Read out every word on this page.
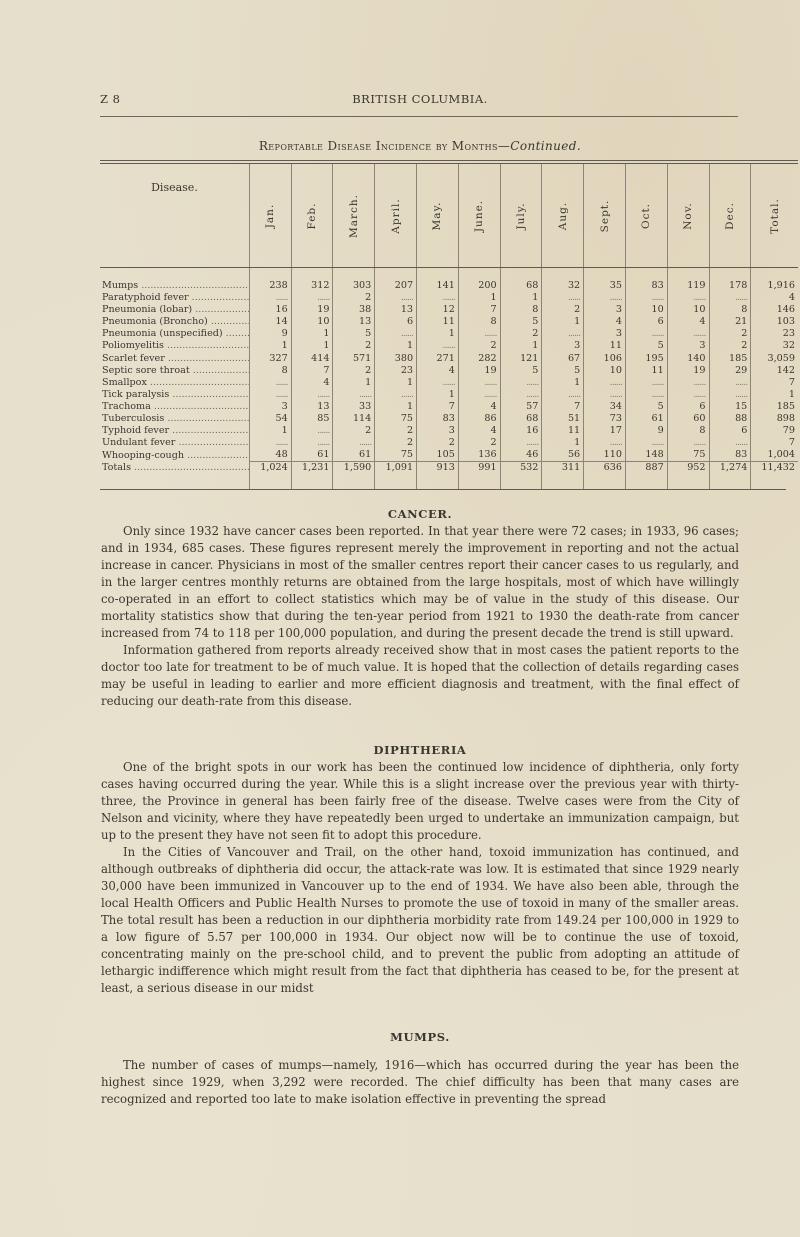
Z 8	BRITISH COLUMBIA.
Reportable Disease Incidence by Months—Continued.
Disease.	Jan.	Feb.	March.	April.	May.	June.	July.	Aug.	Sept.	Oct.	Nov.	Dec.	Total.

Mumps .....	238	312	303	207	141	200	68	32	35	83	119	178	1,916
Paratyphoid fever .....	......	......	2	......	......	1	1	......	......	......	......	......	4
Pneumonia (lobar) .....	16	19	38	13	12	7	8	2	3	10	10	8	146
Pneumonia (Broncho) .....	14	10	13	6	11	8	5	1	4	6	4	21	103
Pneumonia (unspecified) .....	9	1	5	......	1	......	2	......	3	......	......	2	23
Poliomyelitis .....	1	1	2	1	......	2	1	3	11	5	3	2	32
Scarlet fever .....	327	414	571	380	271	282	121	67	106	195	140	185	3,059
Septic sore throat .....	8	7	2	23	4	19	5	5	10	11	19	29	142
Smallpox .....	......	4	1	1	......	......	......	1	......	......	......	......	7
Tick paralysis .....	......	......	......	......	1	......	......	......	......	......	......	......	1
Trachoma .....	3	13	33	1	7	4	57	7	34	5	6	15	185
Tuberculosis .....	54	85	114	75	83	86	68	51	73	61	60	88	898
Typhoid fever .....	1	......	2	2	3	4	16	11	17	9	8	6	79
Undulant fever .....	......	......	......	2	2	2	......	1	......	......	......	......	7
Whooping-cough .....	48	61	61	75	105	136	46	56	110	148	75	83	1,004
Totals .....	1,024	1,231	1,590	1,091	913	991	532	311	636	887	952	1,274	11,432
CANCER.

Only since 1932 have cancer cases been reported. In that year there were 72 cases; in 1933, 96 cases; and in 1934, 685 cases. These figures represent merely the improvement in reporting and not the actual increase in cancer. Physicians in most of the smaller centres report their cancer cases to us regularly, and in the larger centres monthly returns are obtained from the large hospitals, most of which have willingly co-operated in an effort to collect statistics which may be of value in the study of this disease. Our mortality statistics show that during the ten-year period from 1921 to 1930 the death-rate from cancer increased from 74 to 118 per 100,000 population, and during the present decade the trend is still upward.

Information gathered from reports already received show that in most cases the patient reports to the doctor too late for treatment to be of much value. It is hoped that the collection of details regarding cases may be useful in leading to earlier and more efficient diagnosis and treatment, with the final effect of reducing our death-rate from this disease.

DIPHTHERIA

One of the bright spots in our work has been the continued low incidence of diphtheria, only forty cases having occurred during the year. While this is a slight increase over the previous year with thirty-three, the Province in general has been fairly free of the disease. Twelve cases were from the City of Nelson and vicinity, where they have repeatedly been urged to undertake an immunization campaign, but up to the present they have not seen fit to adopt this procedure.

In the Cities of Vancouver and Trail, on the other hand, toxoid immunization has continued, and although outbreaks of diphtheria did occur, the attack-rate was low. It is estimated that since 1929 nearly 30,000 have been immunized in Vancouver up to the end of 1934. We have also been able, through the local Health Officers and Public Health Nurses to promote the use of toxoid in many of the smaller areas. The total result has been a reduction in our diphtheria morbidity rate from 149.24 per 100,000 in 1929 to a low figure of 5.57 per 100,000 in 1934. Our object now will be to continue the use of toxoid, concentrating mainly on the pre-school child, and to prevent the public from adopting an attitude of lethargic indifference which might result from the fact that diphtheria has ceased to be, for the present at least, a serious disease in our midst

MUMPS.

The number of cases of mumps—namely, 1916—which has occurred during the year has been the highest since 1929, when 3,292 were recorded. The chief difficulty has been that many cases are recognized and reported too late to make isolation effective in preventing the spread
